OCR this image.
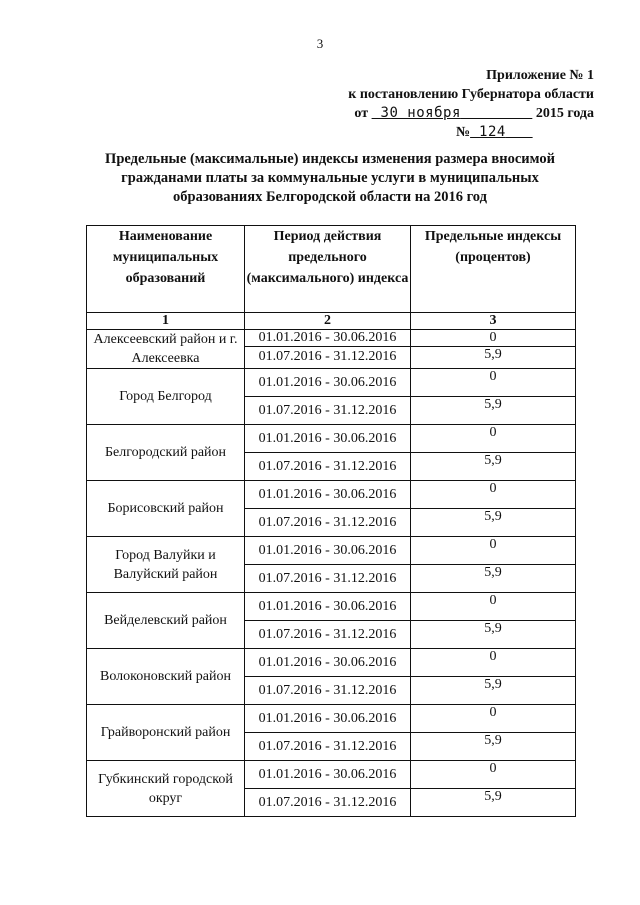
3
Приложение № 1
к постановлению Губернатора области
от 30 ноября	2015 года
№ 124
Предельные (максимальные) индексы изменения размера вносимой гражданами платы за коммунальные услуги в муниципальных образованиях Белгородской области на 2016 год
Наименование муниципальных образований	Период действия предельного (максимального) индекса	Предельные индексы (процентов)
1	2	3
Алексеевский район и г. Алексеевка	01.01.2016 - 30.06.2016	0
	01.07.2016 - 31.12.2016	5,9
Город Белгород	01.01.2016 - 30.06.2016	0
	01.07.2016 - 31.12.2016	5,9
Белгородский район	01.01.2016 - 30.06.2016	0
	01.07.2016 - 31.12.2016	5,9
Борисовский район	01.01.2016 - 30.06.2016	0
	01.07.2016 - 31.12.2016	5,9
Город Валуйки и Валуйский район	01.01.2016 - 30.06.2016	0
	01.07.2016 - 31.12.2016	5,9
Вейделевский район	01.01.2016 - 30.06.2016	0
	01.07.2016 - 31.12.2016	5,9
Волоконовский район	01.01.2016 - 30.06.2016	0
	01.07.2016 - 31.12.2016	5,9
Грайворонский район	01.01.2016 - 30.06.2016	0
	01.07.2016 - 31.12.2016	5,9
Губкинский городской округ	01.01.2016 - 30.06.2016	0
	01.07.2016 - 31.12.2016	5,9
